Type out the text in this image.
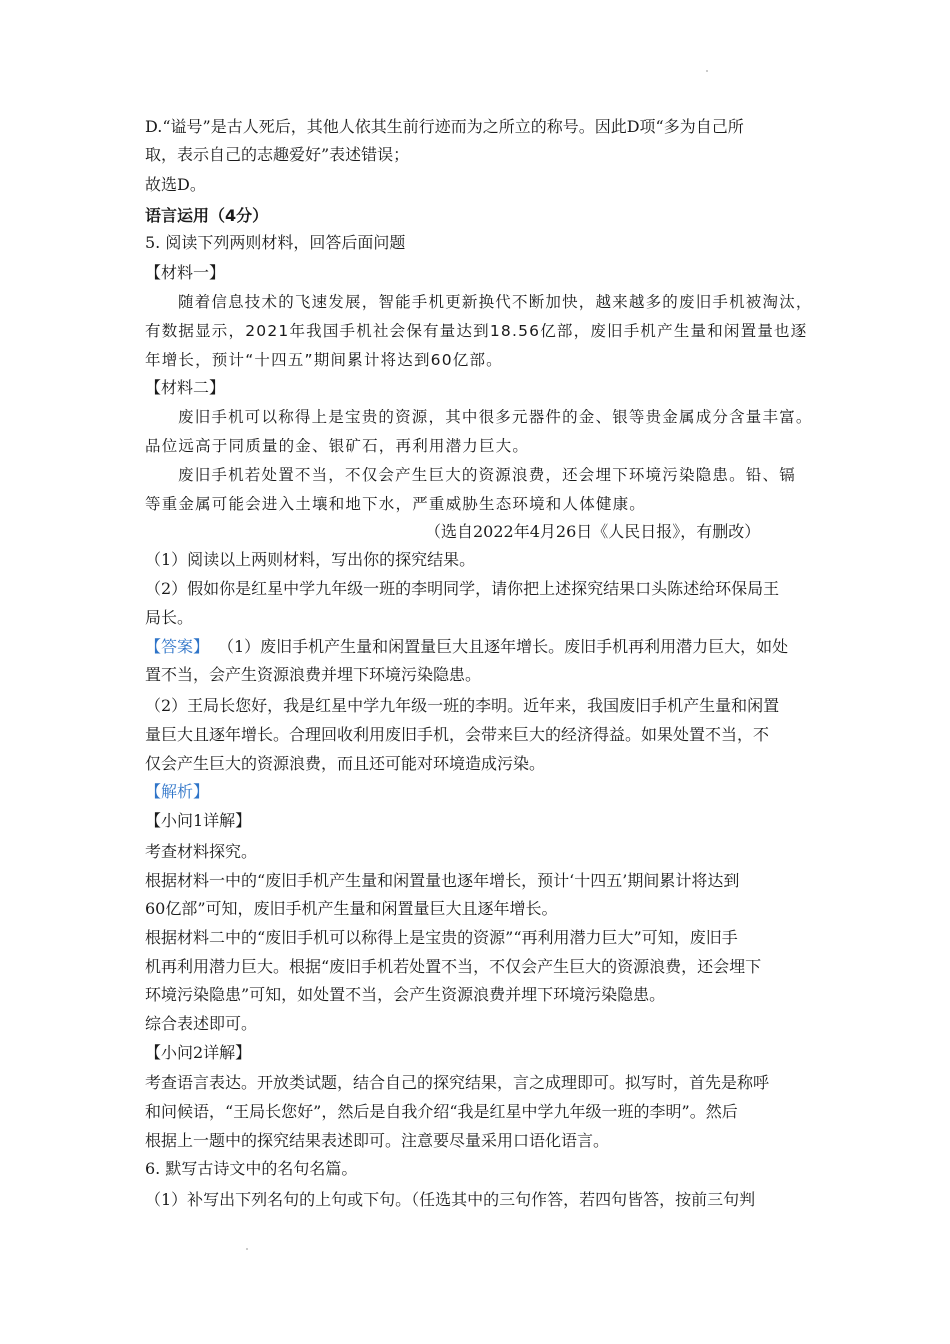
D.“谥号”是古人死后，其他人依其生前行迹而为之所立的称号。因此D项“多为自己所
取，表示自己的志趣爱好”表述错误；
故选D。
语言运用（4分）
5. 阅读下列两则材料，回答后面问题
【材料一】
随着信息技术的飞速发展，智能手机更新换代不断加快，越来越多的废旧手机被淘汰，
有数据显示，2021年我国手机社会保有量达到18.56亿部，废旧手机产生量和闲置量也逐
年增长，预计“十四五”期间累计将达到60亿部。
【材料二】
废旧手机可以称得上是宝贵的资源，其中很多元器件的金、银等贵金属成分含量丰富。
品位远高于同质量的金、银矿石，再利用潜力巨大。
废旧手机若处置不当，不仅会产生巨大的资源浪费，还会埋下环境污染隐患。铅、镉
等重金属可能会进入土壤和地下水，严重威胁生态环境和人体健康。
（选自2022年4月26日《人民日报》，有删改）
（1）阅读以上两则材料，写出你的探究结果。
（2）假如你是红星中学九年级一班的李明同学，请你把上述探究结果口头陈述给环保局王
局长。
【答案】 （1）废旧手机产生量和闲置量巨大且逐年增长。废旧手机再利用潜力巨大，如处
置不当，会产生资源浪费并埋下环境污染隐患。
（2）王局长您好，我是红星中学九年级一班的李明。近年来，我国废旧手机产生量和闲置
量巨大且逐年增长。合理回收利用废旧手机，会带来巨大的经济得益。如果处置不当，不
仅会产生巨大的资源浪费，而且还可能对环境造成污染。
【解析】
【小问1详解】
考查材料探究。
根据材料一中的“废旧手机产生量和闲置量也逐年增长，预计‘十四五’期间累计将达到
60亿部”可知，废旧手机产生量和闲置量巨大且逐年增长。
根据材料二中的“废旧手机可以称得上是宝贵的资源”“再利用潜力巨大”可知，废旧手
机再利用潜力巨大。根据“废旧手机若处置不当，不仅会产生巨大的资源浪费，还会埋下
环境污染隐患”可知，如处置不当，会产生资源浪费并埋下环境污染隐患。
综合表述即可。
【小问2详解】
考查语言表达。开放类试题，结合自己的探究结果，言之成理即可。拟写时，首先是称呼
和问候语，“王局长您好”，然后是自我介绍“我是红星中学九年级一班的李明”。然后
根据上一题中的探究结果表述即可。注意要尽量采用口语化语言。
6. 默写古诗文中的名句名篇。
（1）补写出下列名句的上句或下句。（任选其中的三句作答，若四句皆答，按前三句判
